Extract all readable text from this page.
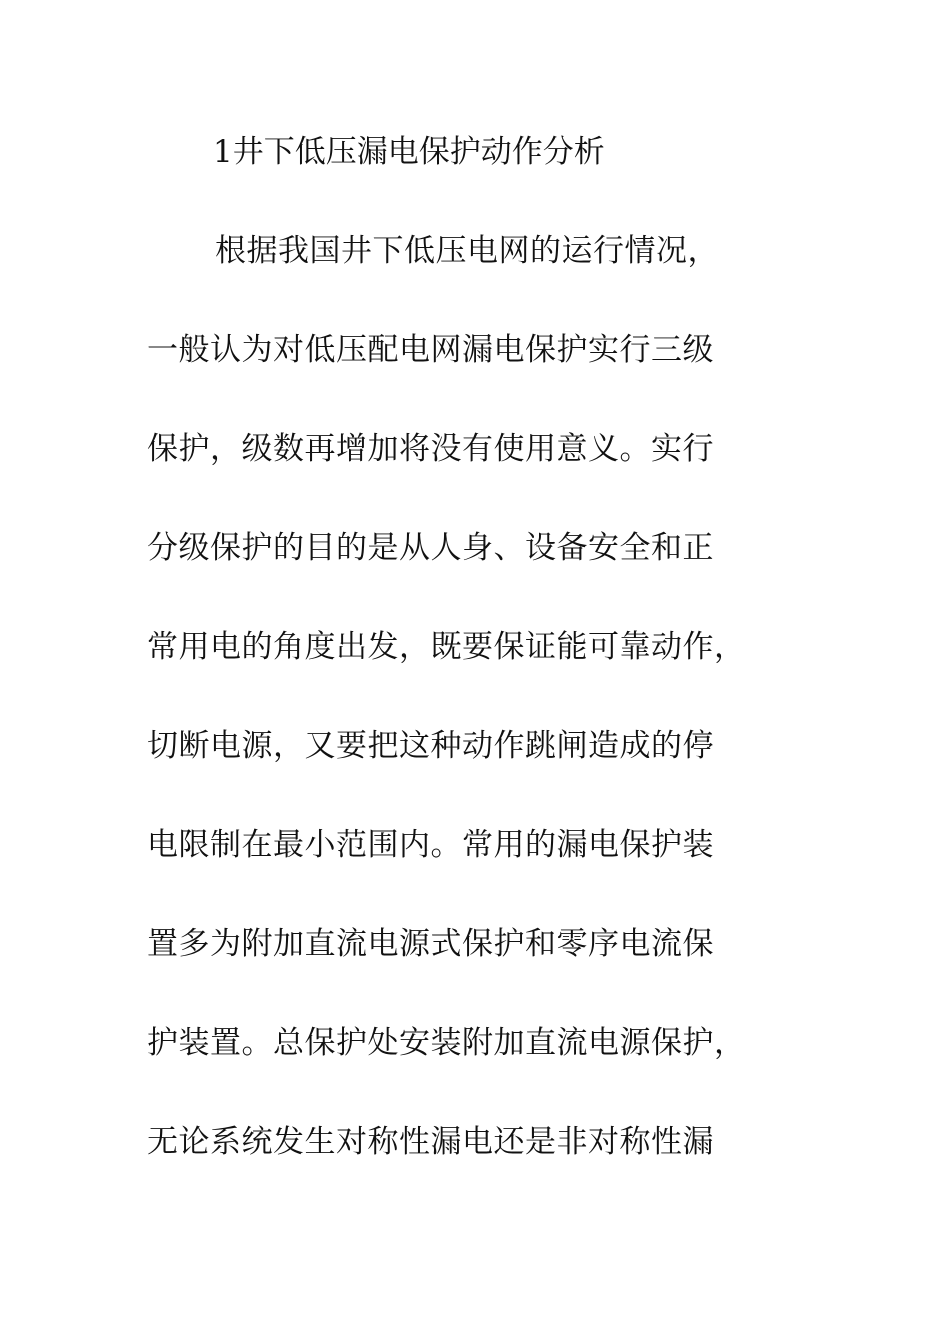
1井下低压漏电保护动作分析
根据我国井下低压电网的运行情况，
一般认为对低压配电网漏电保护实行三级
保护，级数再增加将没有使用意义。实行
分级保护的目的是从人身、设备安全和正
常用电的角度出发，既要保证能可靠动作，
切断电源，又要把这种动作跳闸造成的停
电限制在最小范围内。常用的漏电保护装
置多为附加直流电源式保护和零序电流保
护装置。总保护处安装附加直流电源保护，
无论系统发生对称性漏电还是非对称性漏
